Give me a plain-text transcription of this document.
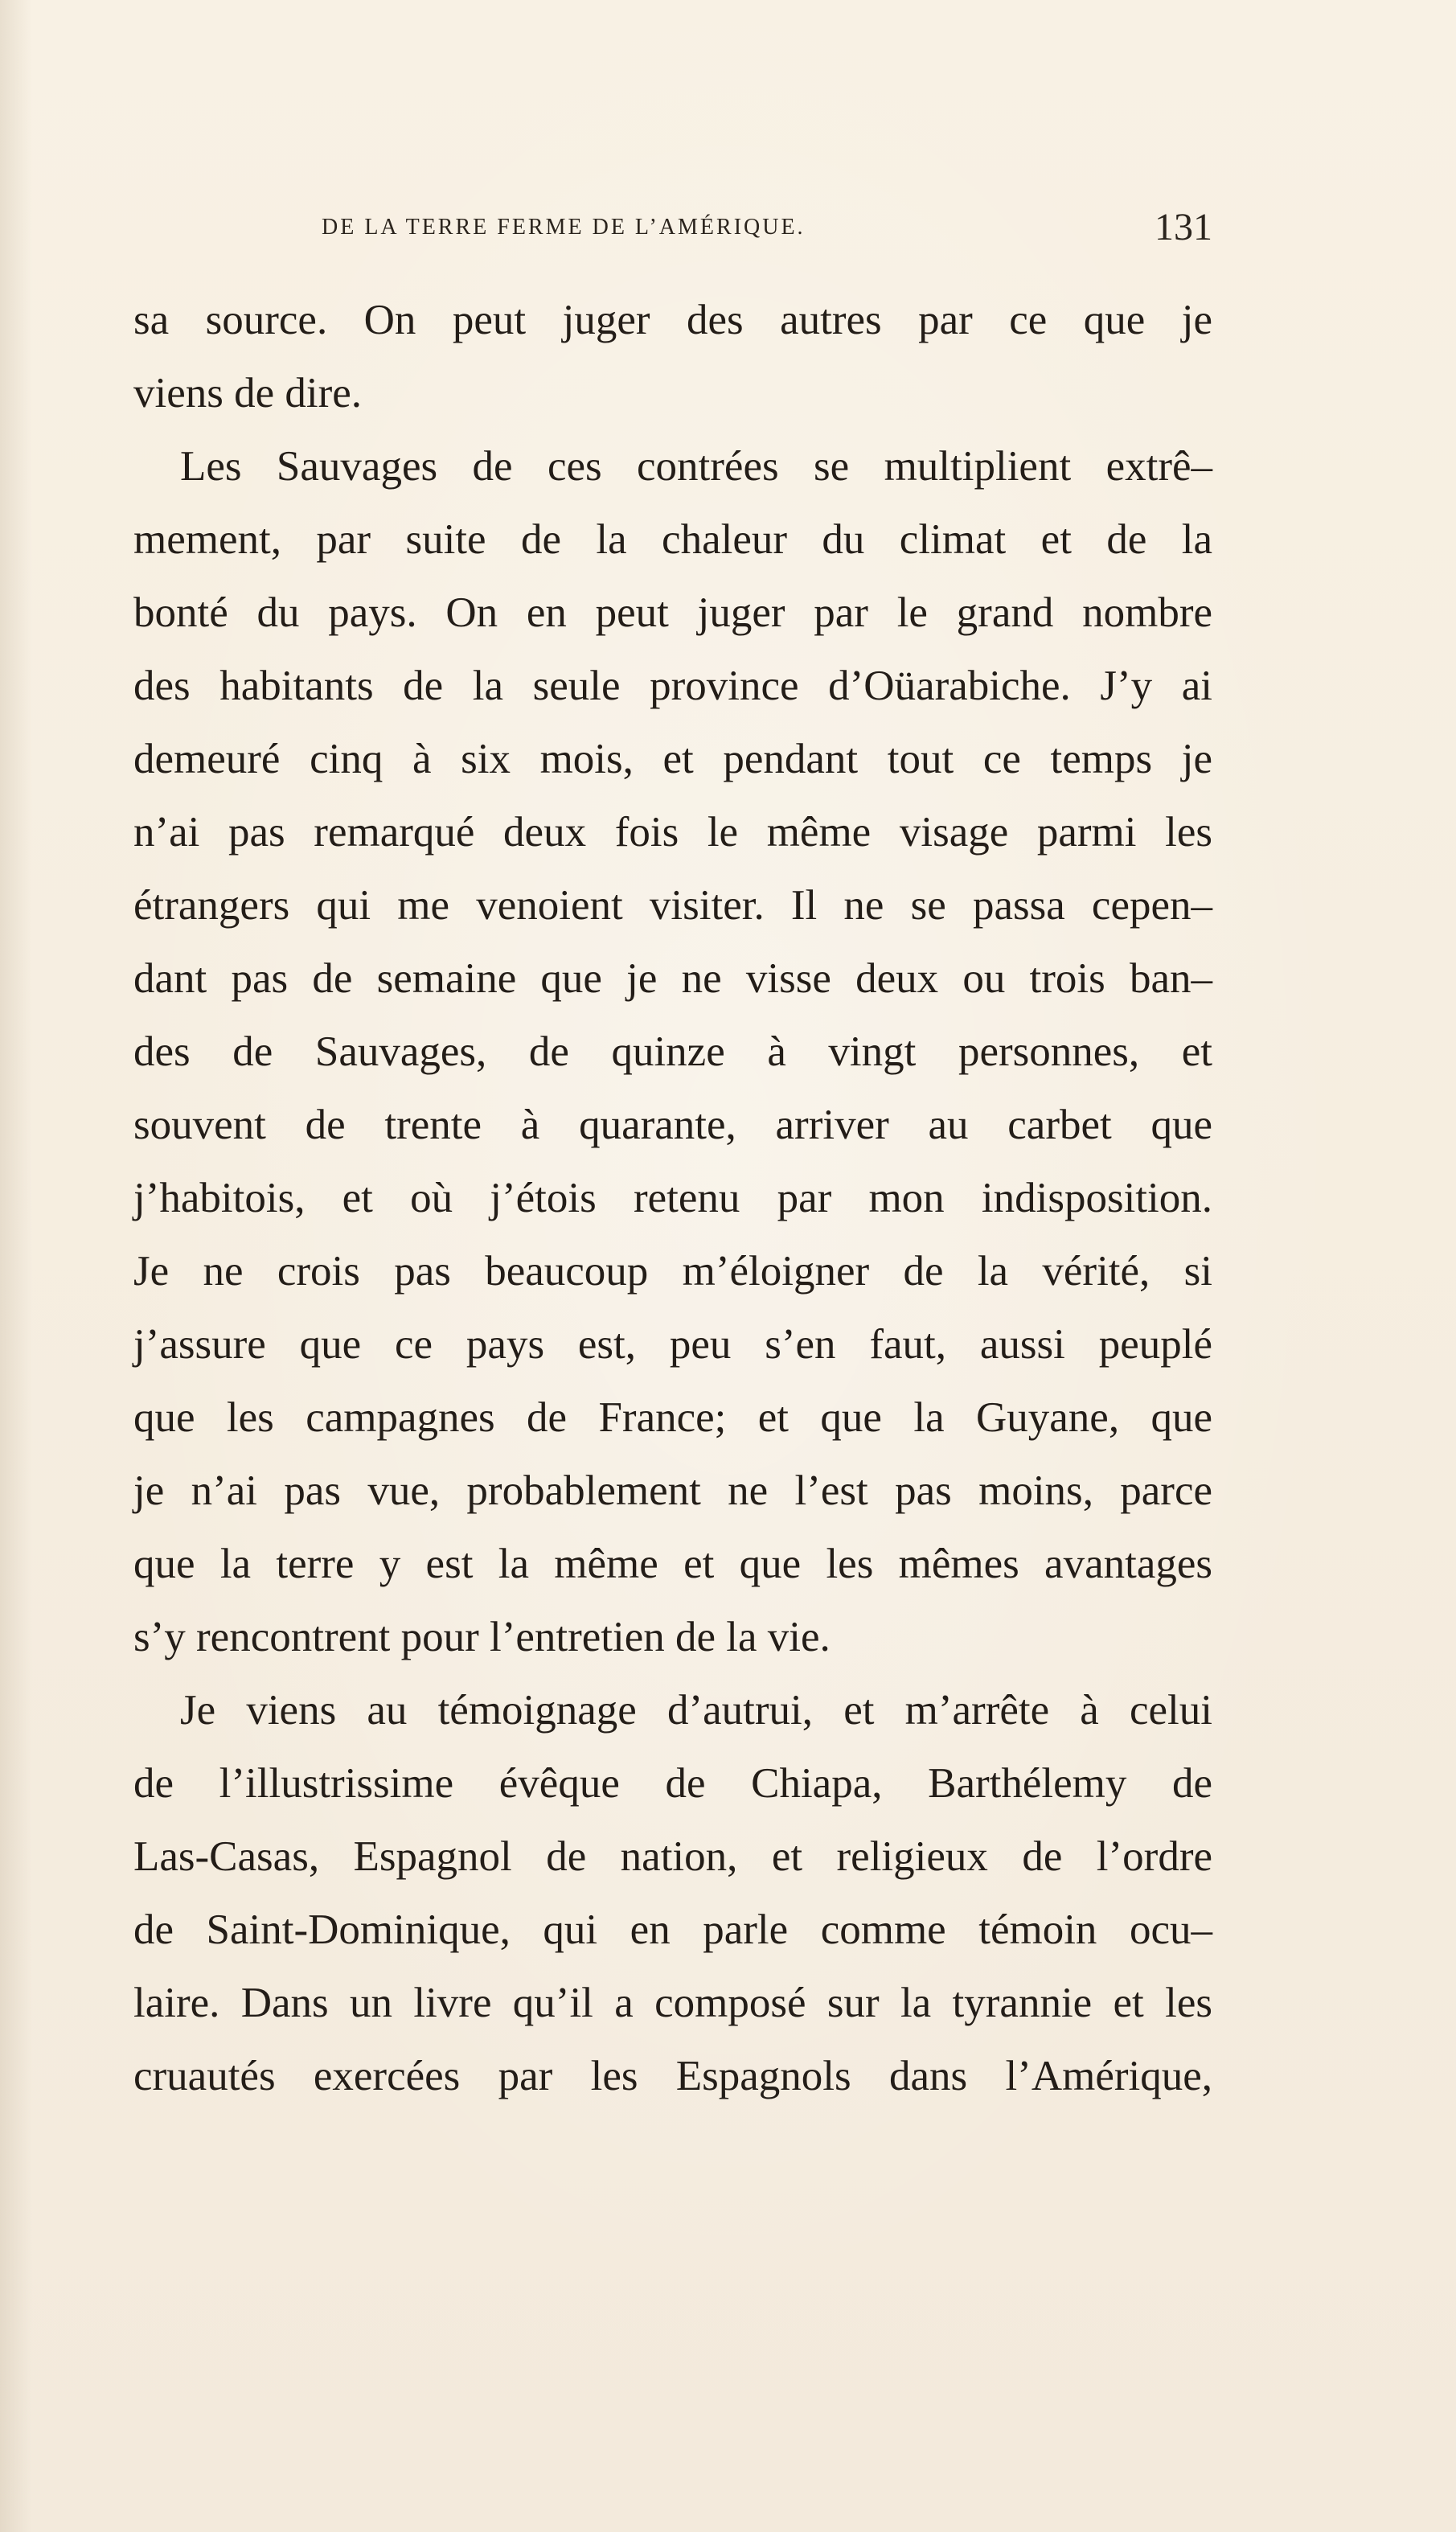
DE LA TERRE FERME DE L’AMÉRIQUE.	131
sa source. On peut juger des autres par ce que je
viens de dire.
Les Sauvages de ces contrées se multiplient extrê–
mement, par suite de la chaleur du climat et de la
bonté du pays. On en peut juger par le grand nombre
des habitants de la seule province d’Oüarabiche. J’y ai
demeuré cinq à six mois, et pendant tout ce temps je
n’ai pas remarqué deux fois le même visage parmi les
étrangers qui me venoient visiter. Il ne se passa cepen–
dant pas de semaine que je ne visse deux ou trois ban–
des de Sauvages, de quinze à vingt personnes, et
souvent de trente à quarante, arriver au carbet que
j’habitois, et où j’étois retenu par mon indisposition.
Je ne crois pas beaucoup m’éloigner de la vérité, si
j’assure que ce pays est, peu s’en faut, aussi peuplé
que les campagnes de France; et que la Guyane, que
je n’ai pas vue, probablement ne l’est pas moins, parce
que la terre y est la même et que les mêmes avantages
s’y rencontrent pour l’entretien de la vie.
Je viens au témoignage d’autrui, et m’arrête à celui
de l’illustrissime évêque de Chiapa, Barthélemy de
Las-Casas, Espagnol de nation, et religieux de l’ordre
de Saint-Dominique, qui en parle comme témoin ocu–
laire. Dans un livre qu’il a composé sur la tyrannie et les
cruautés exercées par les Espagnols dans l’Amérique,
